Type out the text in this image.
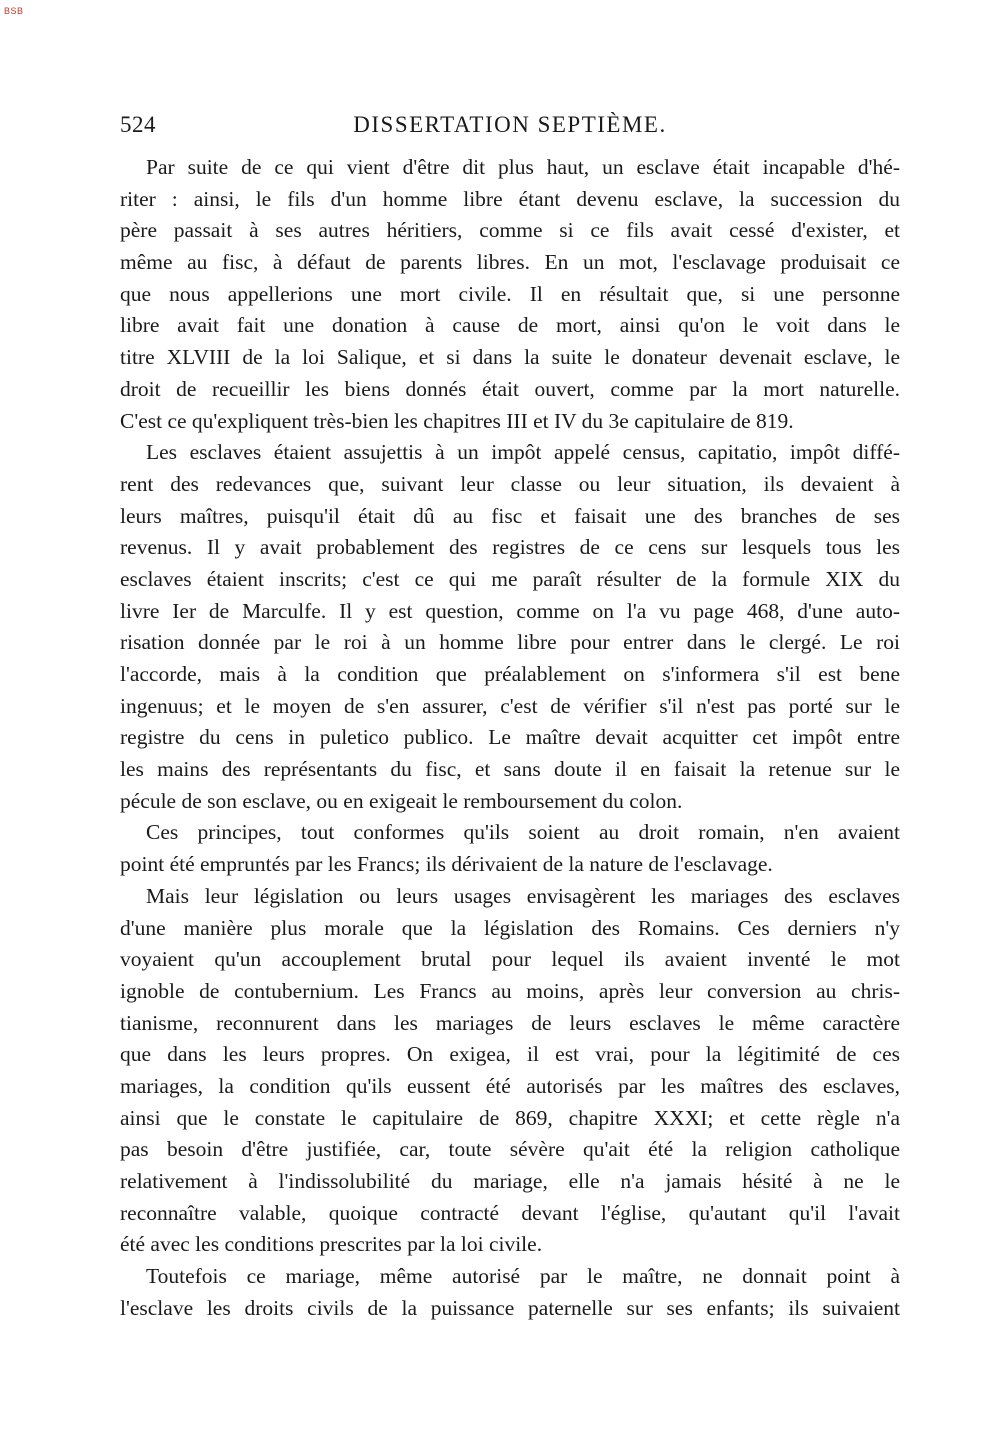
BSB
524	DISSERTATION SEPTIÈME.
Par suite de ce qui vient d'être dit plus haut, un esclave était incapable d'hé-
riter : ainsi, le fils d'un homme libre étant devenu esclave, la succession du
père passait à ses autres héritiers, comme si ce fils avait cessé d'exister, et
même au fisc, à défaut de parents libres. En un mot, l'esclavage produisait ce
que nous appellerions une mort civile. Il en résultait que, si une personne
libre avait fait une donation à cause de mort, ainsi qu'on le voit dans le
titre XLVIII de la loi Salique, et si dans la suite le donateur devenait esclave, le
droit de recueillir les biens donnés était ouvert, comme par la mort naturelle.
C'est ce qu'expliquent très-bien les chapitres III et IV du 3e capitulaire de 819.
Les esclaves étaient assujettis à un impôt appelé census, capitatio, impôt diffé-
rent des redevances que, suivant leur classe ou leur situation, ils devaient à
leurs maîtres, puisqu'il était dû au fisc et faisait une des branches de ses
revenus. Il y avait probablement des registres de ce cens sur lesquels tous les
esclaves étaient inscrits; c'est ce qui me paraît résulter de la formule XIX du
livre Ier de Marculfe. Il y est question, comme on l'a vu page 468, d'une auto-
risation donnée par le roi à un homme libre pour entrer dans le clergé. Le roi
l'accorde, mais à la condition que préalablement on s'informera s'il est bene
ingenuus; et le moyen de s'en assurer, c'est de vérifier s'il n'est pas porté sur le
registre du cens in puletico publico. Le maître devait acquitter cet impôt entre
les mains des représentants du fisc, et sans doute il en faisait la retenue sur le
pécule de son esclave, ou en exigeait le remboursement du colon.
Ces principes, tout conformes qu'ils soient au droit romain, n'en avaient
point été empruntés par les Francs; ils dérivaient de la nature de l'esclavage.
Mais leur législation ou leurs usages envisagèrent les mariages des esclaves
d'une manière plus morale que la législation des Romains. Ces derniers n'y
voyaient qu'un accouplement brutal pour lequel ils avaient inventé le mot
ignoble de contubernium. Les Francs au moins, après leur conversion au chris-
tianisme, reconnurent dans les mariages de leurs esclaves le même caractère
que dans les leurs propres. On exigea, il est vrai, pour la légitimité de ces
mariages, la condition qu'ils eussent été autorisés par les maîtres des esclaves,
ainsi que le constate le capitulaire de 869, chapitre XXXI; et cette règle n'a
pas besoin d'être justifiée, car, toute sévère qu'ait été la religion catholique
relativement à l'indissolubilité du mariage, elle n'a jamais hésité à ne le
reconnaître valable, quoique contracté devant l'église, qu'autant qu'il l'avait
été avec les conditions prescrites par la loi civile.
Toutefois ce mariage, même autorisé par le maître, ne donnait point à
l'esclave les droits civils de la puissance paternelle sur ses enfants; ils suivaient
